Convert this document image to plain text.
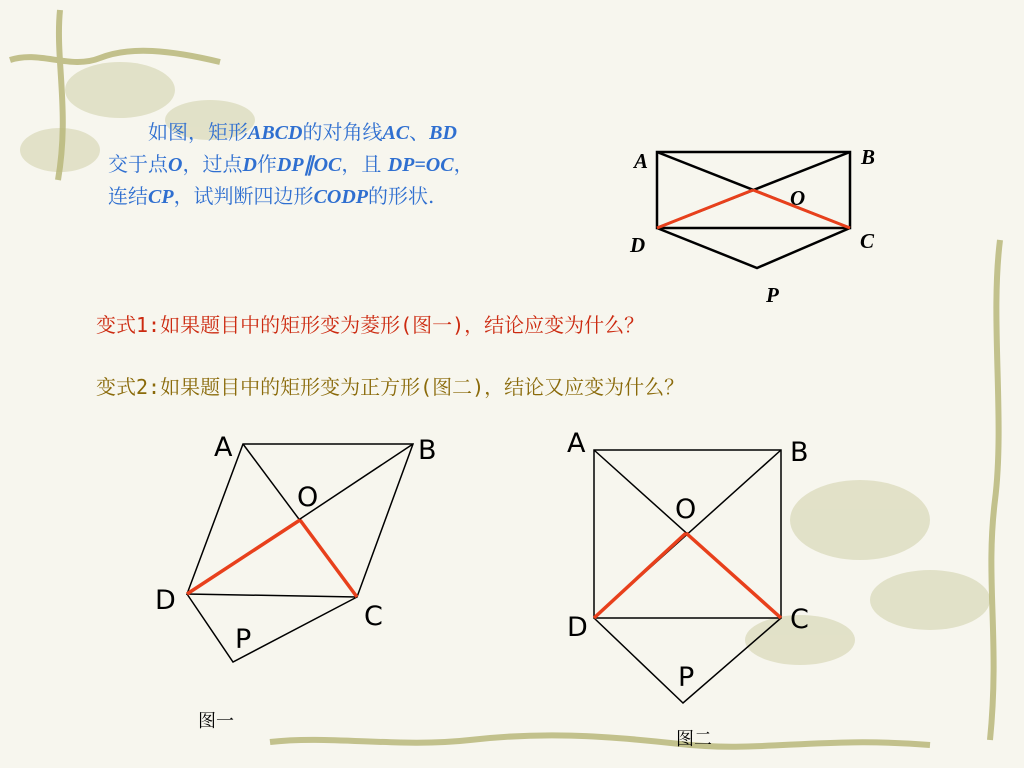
如图，矩形ABCD的对角线AC、BD
交于点O，过点D作DP∥OC，且 DP=OC，
连结CP，试判断四边形CODP的形状.
变式1:如果题目中的矩形变为菱形(图一)，结论应变为什么？
变式2:如果题目中的矩形变为正方形(图二)，结论又应变为什么？
A	B
O
C
D
P
A	B
O
D
C
P
图一
A	B
O
C
D
P
图二
